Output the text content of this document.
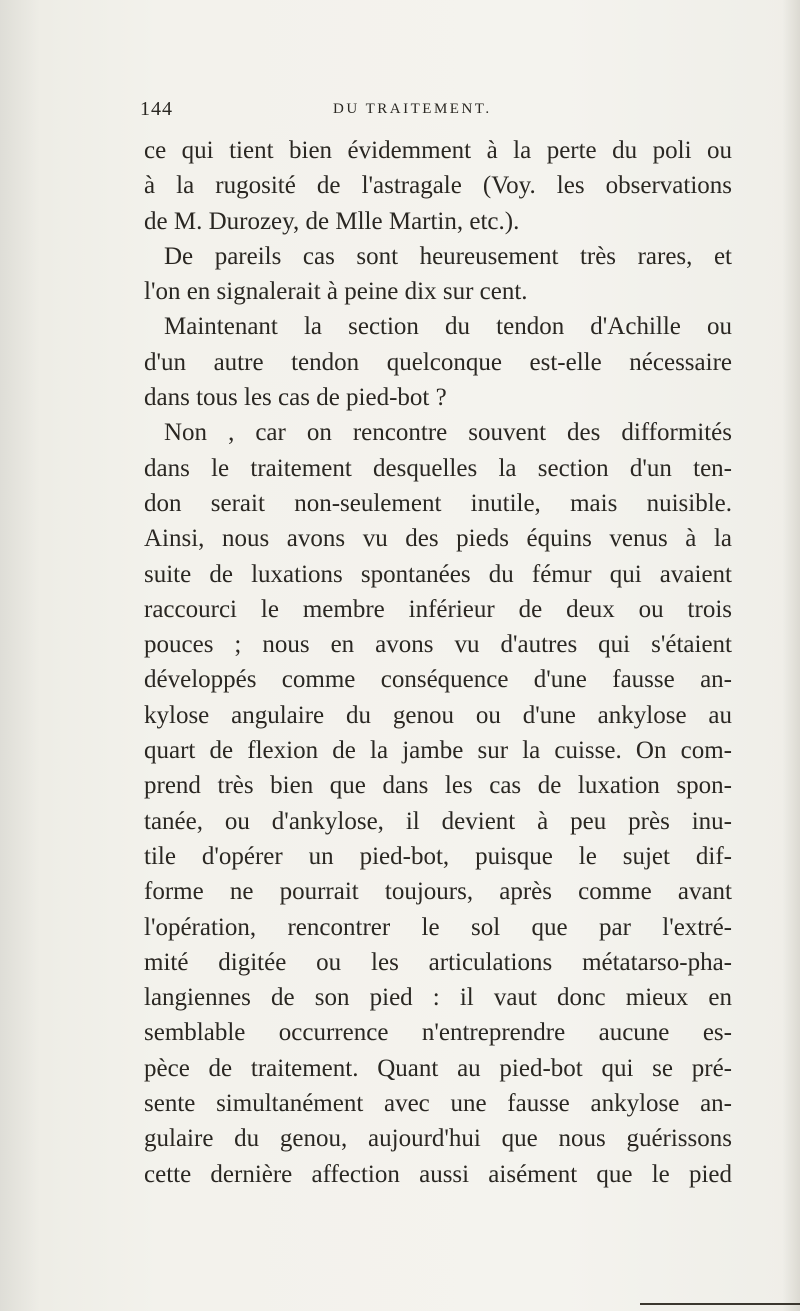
144	DU TRAITEMENT.
ce qui tient bien évidemment à la perte du poli ou
à la rugosité de l'astragale (Voy. les observations
de M. Durozey, de Mlle Martin, etc.).
De pareils cas sont heureusement très rares, et
l'on en signalerait à peine dix sur cent.
Maintenant la section du tendon d'Achille ou
d'un autre tendon quelconque est-elle nécessaire
dans tous les cas de pied-bot ?
Non , car on rencontre souvent des difformités
dans le traitement desquelles la section d'un ten-
don serait non-seulement inutile, mais nuisible.
Ainsi, nous avons vu des pieds équins venus à la
suite de luxations spontanées du fémur qui avaient
raccourci le membre inférieur de deux ou trois
pouces ; nous en avons vu d'autres qui s'étaient
développés comme conséquence d'une fausse an-
kylose angulaire du genou ou d'une ankylose au
quart de flexion de la jambe sur la cuisse. On com-
prend très bien que dans les cas de luxation spon-
tanée, ou d'ankylose, il devient à peu près inu-
tile d'opérer un pied-bot, puisque le sujet dif-
forme ne pourrait toujours, après comme avant
l'opération, rencontrer le sol que par l'extré-
mité digitée ou les articulations métatarso-pha-
langiennes de son pied : il vaut donc mieux en
semblable occurrence n'entreprendre aucune es-
pèce de traitement. Quant au pied-bot qui se pré-
sente simultanément avec une fausse ankylose an-
gulaire du genou, aujourd'hui que nous guérissons
cette dernière affection aussi aisément que le pied
